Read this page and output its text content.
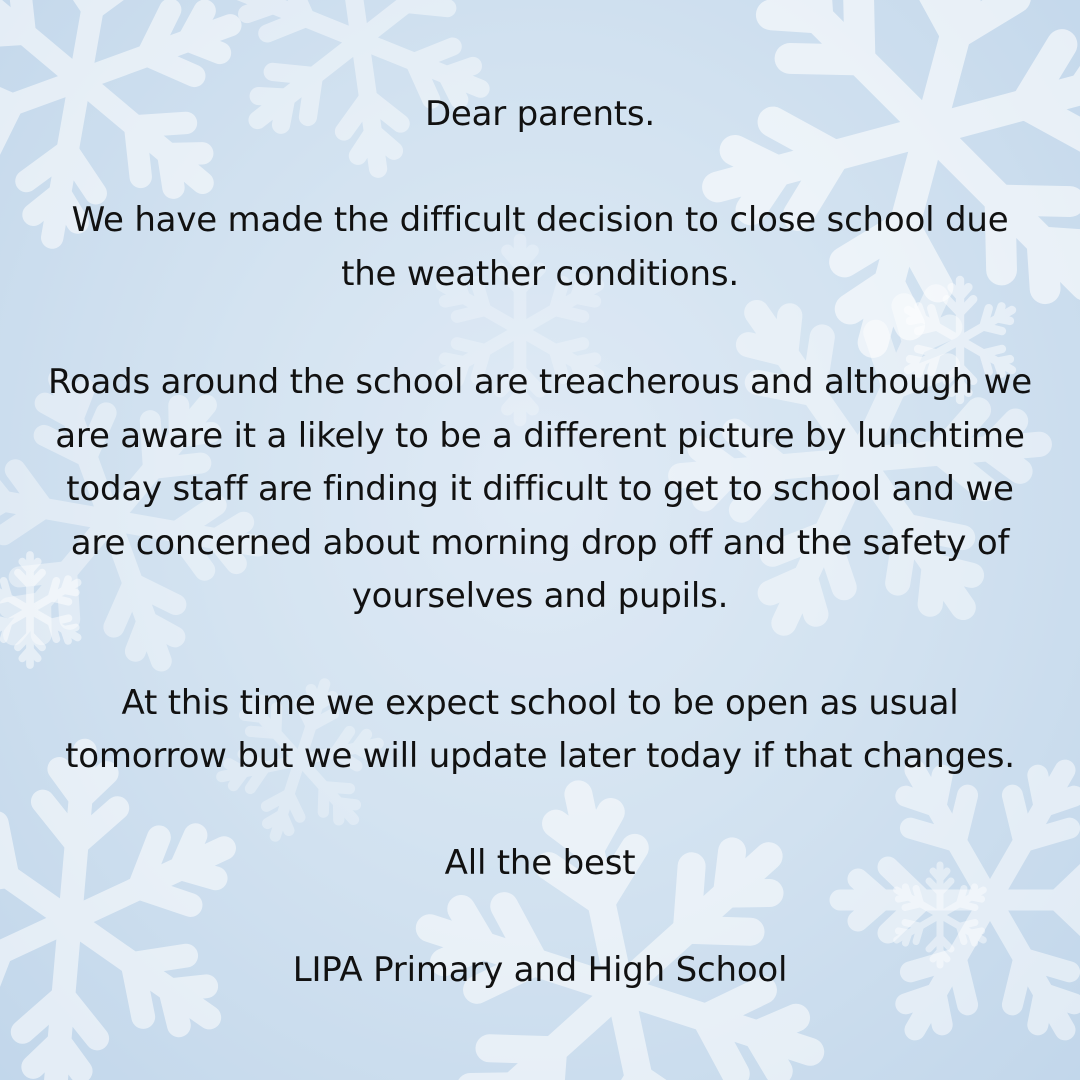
Dear parents.
We have made the difficult decision to close school due
the weather conditions.
Roads around the school are treacherous and although we
are aware it a likely to be a different picture by lunchtime
today staff are finding it difficult to get to school and we
are concerned about morning drop off and the safety of
yourselves and pupils.
At this time we expect school to be open as usual
tomorrow but we will update later today if that changes.
All the best
LIPA Primary and High School
